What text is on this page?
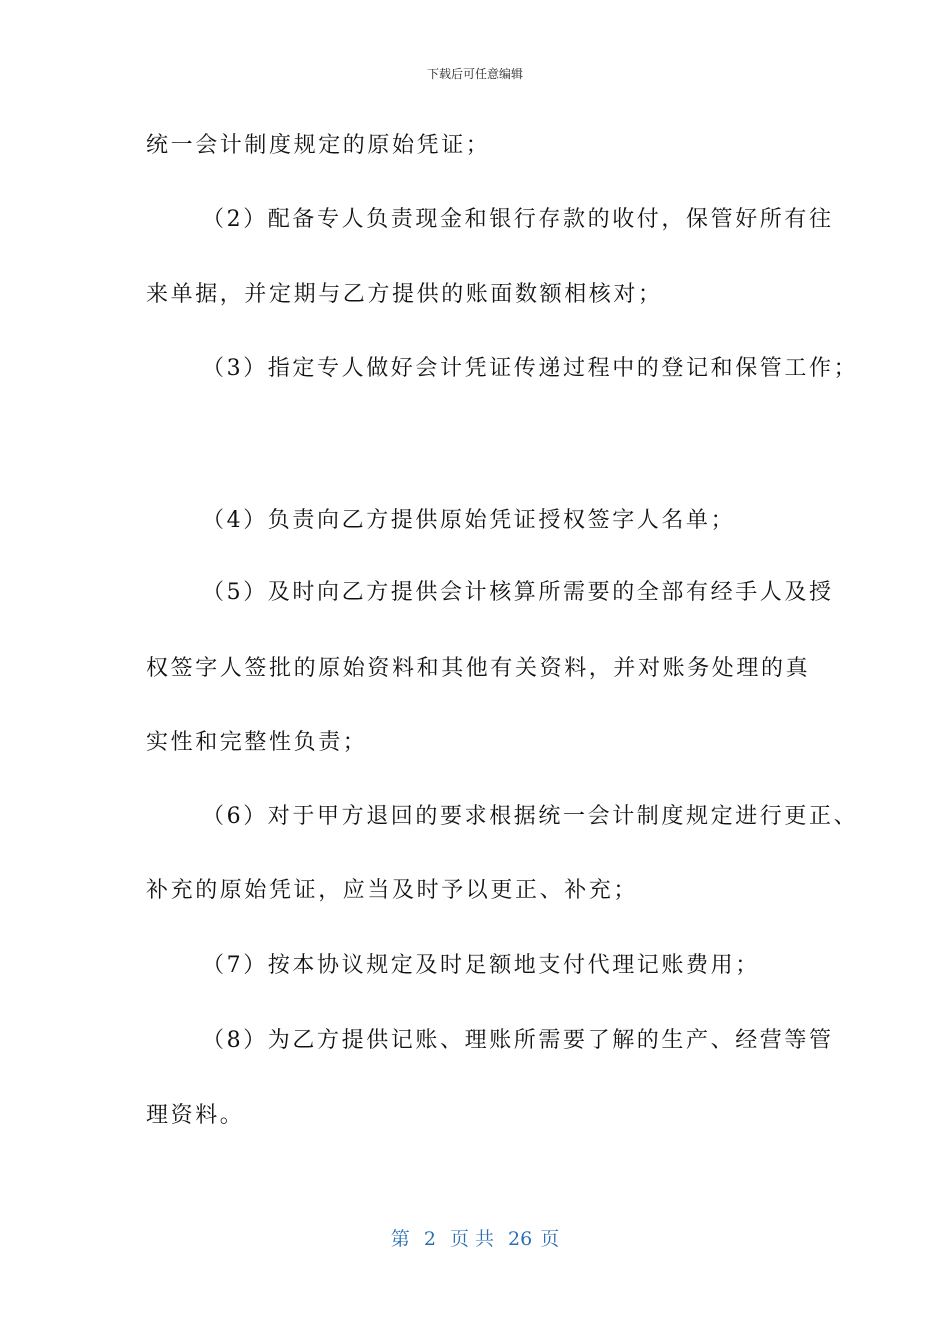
下载后可任意编辑
统一会计制度规定的原始凭证；
（2）配备专人负责现金和银行存款的收付，保管好所有往
来单据，并定期与乙方提供的账面数额相核对；
（3）指定专人做好会计凭证传递过程中的登记和保管工作；
（4）负责向乙方提供原始凭证授权签字人名单；
（5）及时向乙方提供会计核算所需要的全部有经手人及授
权签字人签批的原始资料和其他有关资料，并对账务处理的真
实性和完整性负责；
（6）对于甲方退回的要求根据统一会计制度规定进行更正、
补充的原始凭证，应当及时予以更正、补充；
（7）按本协议规定及时足额地支付代理记账费用；
（8）为乙方提供记账、理账所需要了解的生产、经营等管
理资料。
第 2 页 共 26 页
